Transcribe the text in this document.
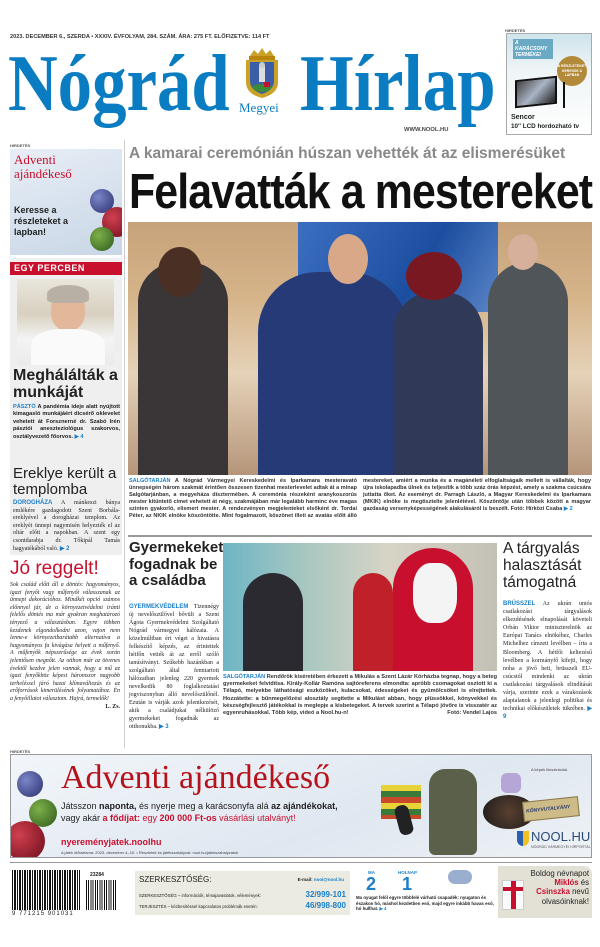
2023. DECEMBER 6., SZERDA • XXXIV. ÉVFOLYAM, 284. SZÁM. ÁRA: 275 FT. ELŐFIZETVE: 114 FT
Nógrád Megyei Hírlap
WWW.NOOL.HU
HIRDETÉS
A KARÁCSONY TERMÉKEI
A RÉSZLETEKET KERESSE A LAPBAN
Sencor
10'' LCD hordozható tv
HIRDETÉS
Adventi ajándékeső
Keresse a részleteket a lapban!
EGY PERCBEN
Meghálálták a munkáját
PÁSZTÓ A pandémia ideje alatt nyújtott kimagasló munkájáért dicsérő oklevelet vehetett át Forsznerné dr. Szabó Irén pásztói aneszteziológus szakorvos, osztályvezető főorvos. ▶ 4
Ereklye került a templomba
DOROGHÁZA A mánkeszi bánya emlékére gazdagodott Szent Borbála-ereklyével a dorogházai templom. Az ereklyét ünnepi nagymisén helyezték el az oltár előtt a napokban. A szent egy csontdarabja dr. Tőkipál Tamás hagyatékából való. ▶ 2
Jó reggelt!
Sok család előtt áll a döntés: hagyományos, igazi fenyőt vagy műfenyőt válasszanak az ünnepi dekorációhoz. Mindkét opció számos előnnyel jár, de a környezetvédelmi iránti felelős döntés ma már gyakran meghatározó tényező a választásban. Egyre többen kezdenek elgondolkodni azon, vajon nem lenne-e környezetbarátabb alternatíva a hagyományos fa kivágása helyett a műfenyő. A műfenyők népszerűsége az évek során jelentősen megnőtt. Az otthon már az ötvenes évektől kezdve jelen vannak, hogy a mű az igazi fenyőkhöz képest háromszor nagyobb terheléssel járó hazai klímaváltozás és az erőforrások kimerülésének folyamatához. Én a fenyőillatot választom. Hajrá, termelők!
L. Zs.
A kamarai ceremónián húszan vehették át az elismerésüket
Felavatták a mestereket
SALGÓTARJÁN A Nógrád Vármegyei Kereskedelmi és Iparkamara mesteravató ünnepségén három szakmát érintően összesen tizenhat mesterlevelet adtak át a minap Salgótarjánban, a megyeháza dísztermében. A ceremónia részeként aranykoszorús mester kitüntető címet vehetett át négy, szakmájában már legalább harminc éve magas szinten gyakorló, elismert mester. A rendezvényen megjelenteket elsőként dr. Tordai Péter, az NKIK elnöke köszöntötte. Mint fogalmazott, köszönet illeti az avatás előtt álló mestereket, amiért a munka és a magánéleti elfoglaltságaik mellett is vállalták, hogy újra iskolapadba ülnek és teljesítik a több száz órás képzést, amely a szakma csúcsára juttatta őket. Az eseményt dr. Parragh László, a Magyar Kereskedelmi és Iparkamara (MKIK) elnöke is megtisztelte jelenlétével. Köszöntője után többek között a magyar gazdaság versenyképességének alakulásáról is beszélt. Fotó: Hírközi Csaba ▶ 2
Gyermekeket fogadnak be a családba
GYERMEKVÉDELEM Tizennégy új nevelőszülővel bővült a Szent Ágota Gyermekvédelmi Szolgáltató Nógrád vármegyei hálózata. A közelmúltban ért véget a hivatásra felkészítő képzés, az érintettek hétfőn vették át az erről szóló tanúsítványt. Szűkebb hazánkban a szolgáltató által fenntartott hálózatban jelenleg 220 gyermek nevelkedik 80 foglalkoztatási jogviszonyban álló nevelőszülőnél. Ezután is várják azok jelentkezését, akik a családjukat nélkülöző gyermekeket fogadnák az otthonukba. ▶ 3
SALGÓTARJÁN Rendőrök kíséretében érkezett a Mikulás a Szent Lázár Kórházba tegnap, hogy a beteg gyermekeket felvidítsa. Király-Kollár Ramóna sajtóreferens elmondta: apróbb csomagokat osztott ki a Télapó, melyekbe láthatósági eszközöket, kulacsokat, édességeket és gyümölcsöket is elrejtettek. Hozzátette: a bűnmegelőzési alosztály segítette a Mikulást abban, hogy plüssökkel, könyvekkel és készségfejlesztő játékokkal is meglepje a kisbetegeket. A tervek szerint a Télapó jövőre is visszatér az egyenruhásokkal. Több kép, videó a Nool.hu-n!	Fotó: Vendel Lajos
A tárgyalás halasztását támogatná
BRÜSSZEL Az ukrán uniós csatlakozási tárgyalások elkezdésének elnapolását követeli Orbán Viktor miniszterelnök az Európai Tanács elnökéhez, Charles Michelhez címzett levélben – írta a Bloomberg. A hétfői keltezésű levélben a kormányfő kifejti, hogy noha a jövő heti, brüsszeli EU-csúcstól mindenki az ukrán csatlakozási tárgyalások elindítását várja, szerinte ezek a várakozások alaptalanok a jelenlegi politikai és technikai előkészületek tükrében. ▶ 9
HIRDETÉS
Adventi ajándékeső
Játsszon naponta, és nyerje meg a karácsonyfa alá az ajándékokat,
vagy akár a fődíjat: egy 200 000 Ft-os vásárlási utalványt!
nyereményjatek.noolhu
A játék időtartama: 2023. december 4–10. • Részletek és játékszabályzat: nool.hu/jatekszabalyzatok
A képek illusztrációk.
KÖNYVUTALVÁNY
NOOL.HU
NÓGRÁD VÁRMEGYEI HÍRPORTÁL
23284
9 771215 901031
SZERKESZTŐSÉG:	E-mail: nool@nool.hu
SZERKESZTŐSÉG – információk, témajavaslatok, vélemények:	32/999-101
TERJESZTÉS – kézbesítéssel kapcsolatos problémák esetén:	46/998-800
MA
2
HOLNAP
1
Ma nyugat felől egyre többfelé várható csapadék: nyugaton és északon hó, máshol kezdetben eső, majd egyre inkább havas eső, hó hullhat. ▶ 4
Boldog névnapot Miklós és Csinszka nevű olvasóinknak!
